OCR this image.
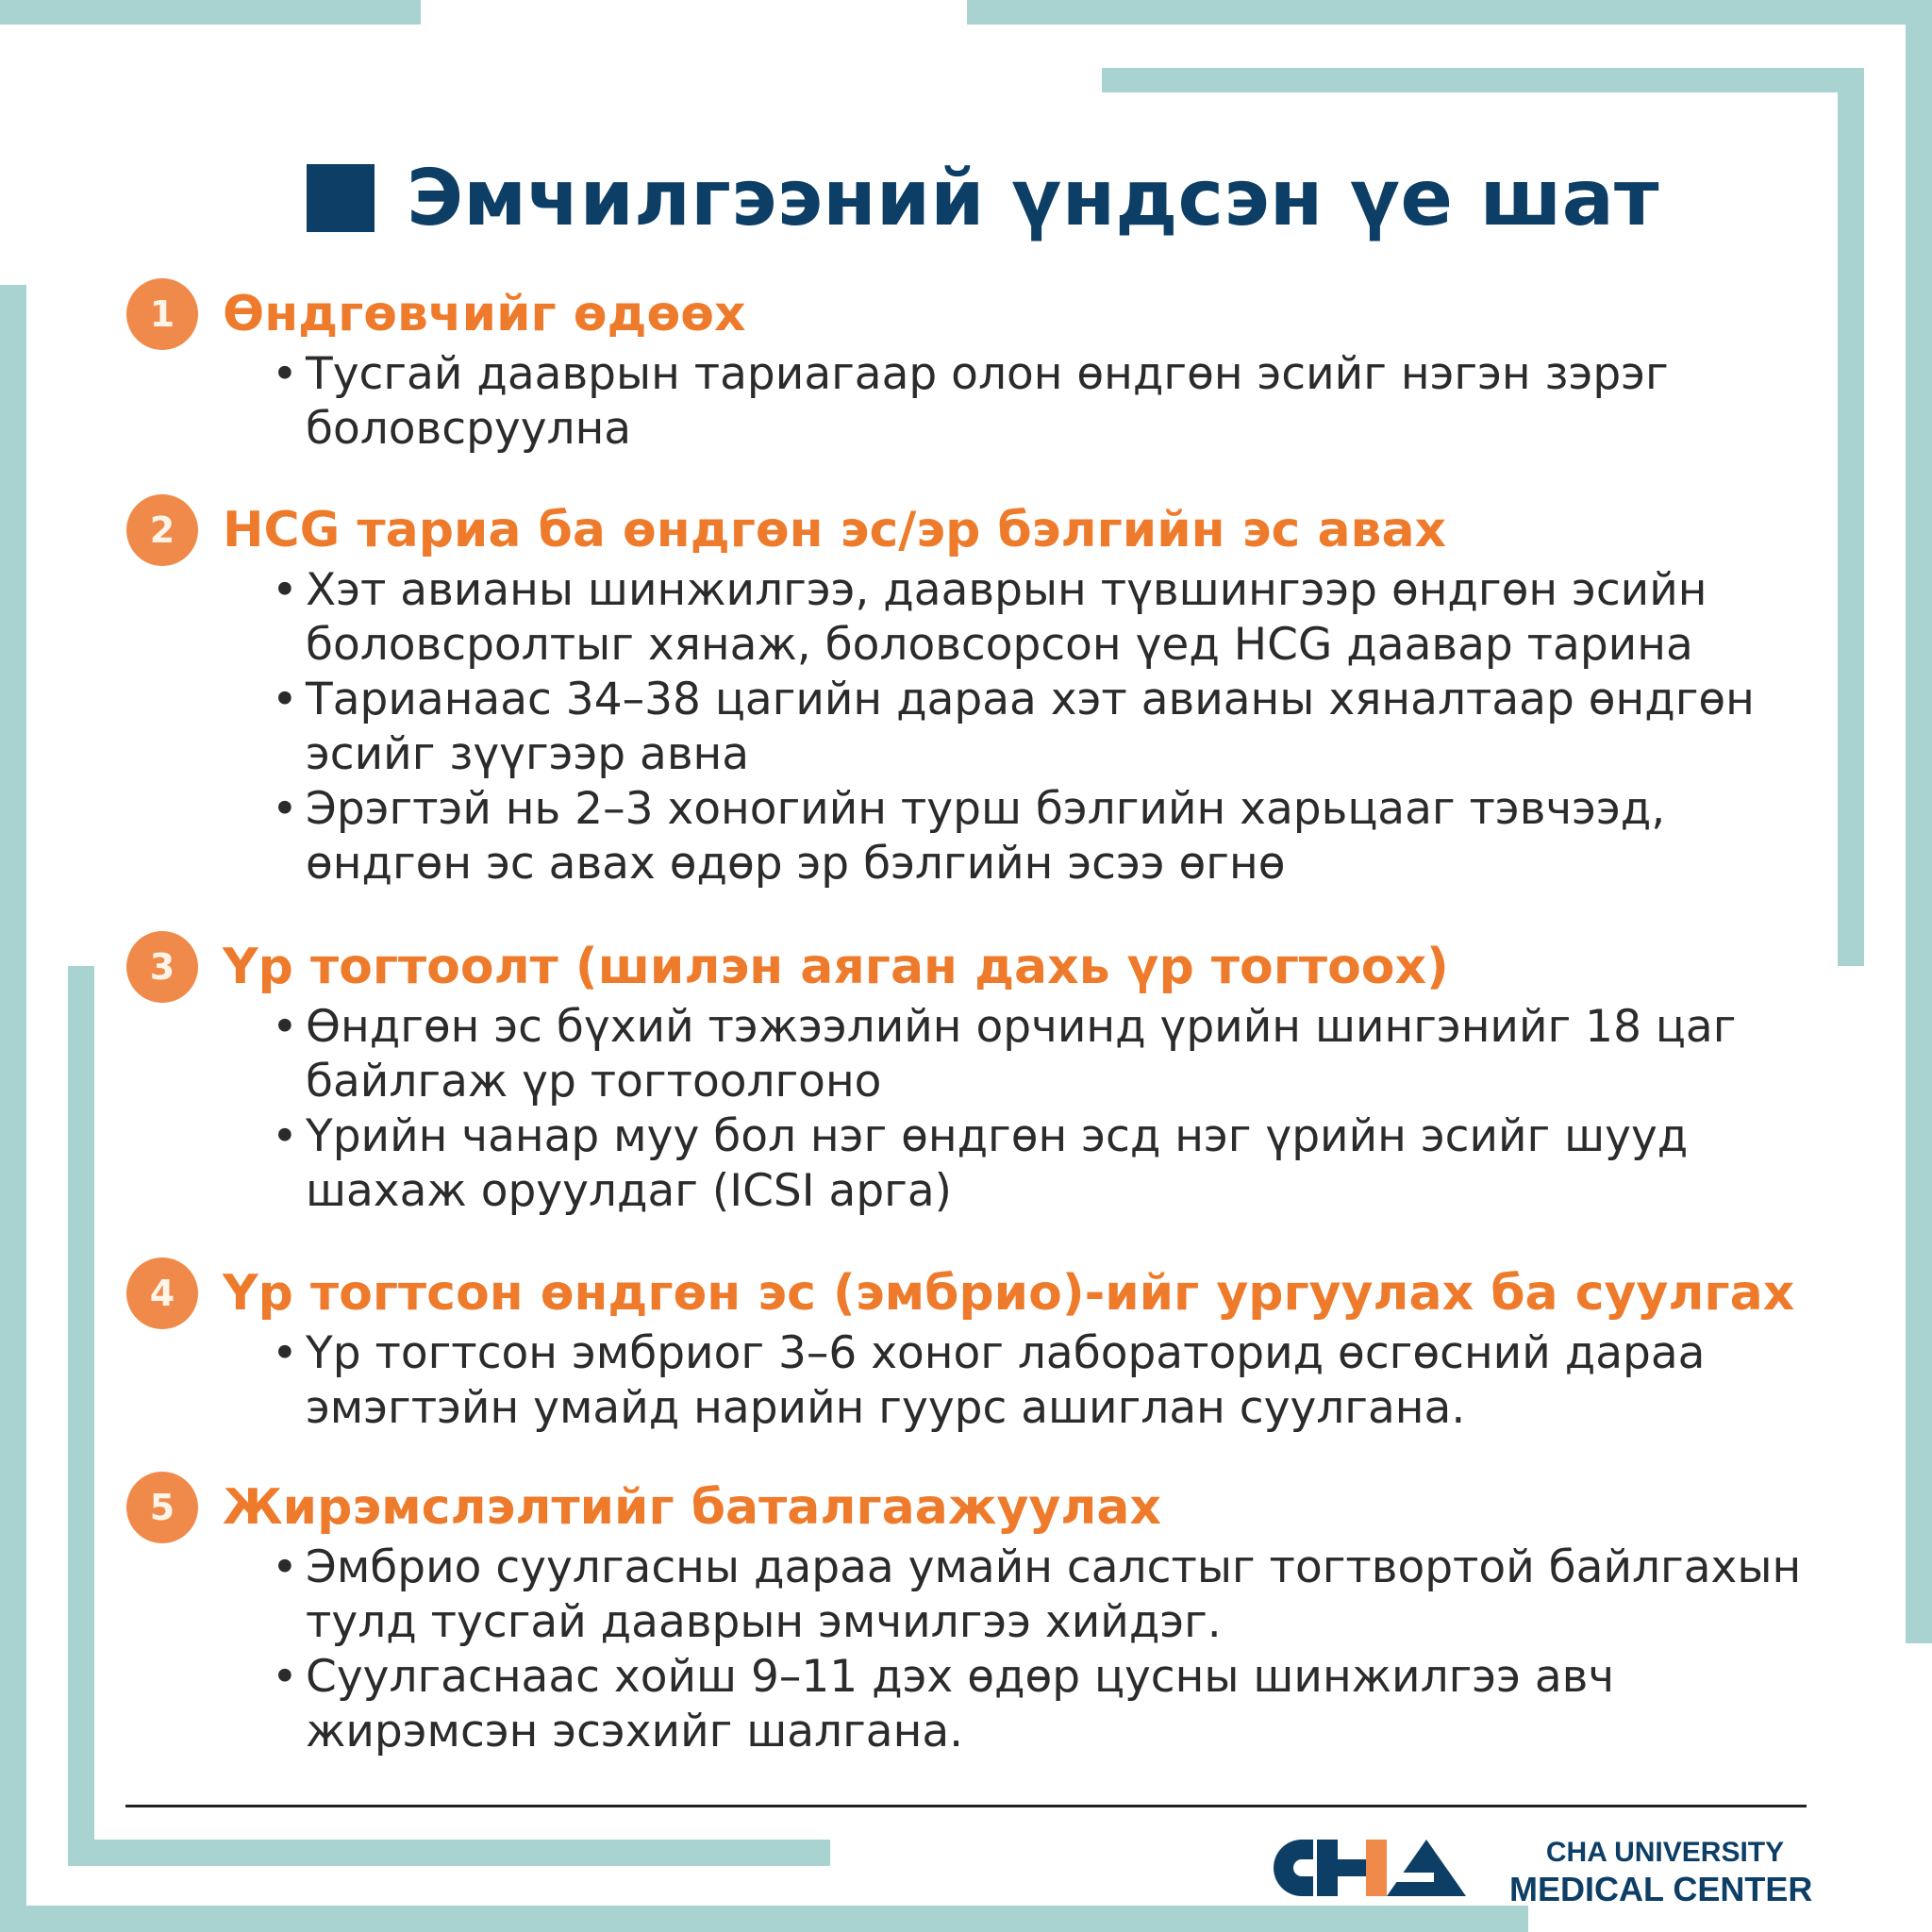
Эмчилгээний үндсэн үе шат
1 Өндгөвчийг өдөөх
• Тусгай дааврын тариагаар олон өндгөн эсийг нэгэн зэрэг боловсруулна
2 HCG тариа ба өндгөн эс/эр бэлгийн эс авах
• Хэт авианы шинжилгээ, дааврын түвшингээр өндгөн эсийн боловсролтыг хянаж, боловсорсон үед HCG даавар тарина
• Тарианаас 34–38 цагийн дараа хэт авианы хяналтаар өндгөн эсийг зүүгээр авна
• Эрэгтэй нь 2–3 хоногийн турш бэлгийн харьцааг тэвчээд, өндгөн эс авах өдөр эр бэлгийн эсээ өгнө
3 Үр тогтоолт (шилэн аяган дахь үр тогтоох)
• Өндгөн эс бүхий тэжээлийн орчинд үрийн шингэнийг 18 цаг байлгаж үр тогтоолгоно
• Үрийн чанар муу бол нэг өндгөн эсд нэг үрийн эсийг шууд шахаж оруулдаг (ICSI арга)
4 Үр тогтсон өндгөн эс (эмбрио)-ийг ургуулах ба суулгах
• Үр тогтсон эмбриог 3–6 хоног лабораторид өсгөсний дараа эмэгтэйн умайд нарийн гуурс ашиглан суулгана.
5 Жирэмслэлтийг баталгаажуулах
• Эмбрио суулгасны дараа умайн салстыг тогтвортой байлгахын тулд тусгай дааврын эмчилгээ хийдэг.
• Суулгаснаас хойш 9–11 дэх өдөр цусны шинжилгээ авч жирэмсэн эсэхийг шалгана.
CHA UNIVERSITY
MEDICAL CENTER
